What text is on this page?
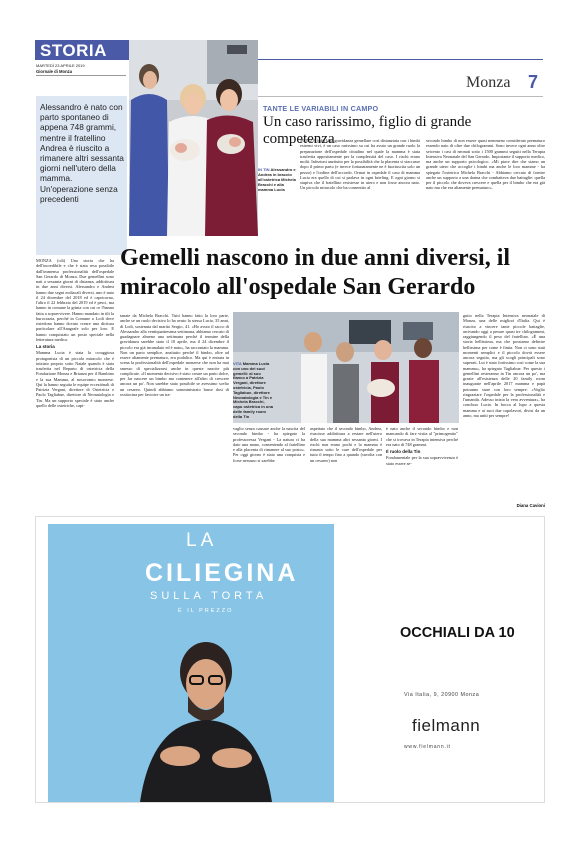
STORIA
MARTEDÌ 23 APRILE 2019
Giornale di Monza
Monza 7
Alessandro è nato con parto spontaneo di appena 748 grammi, mentre il fratellino Andrea è riuscito a rimanere altri sessanta giorni nell'utero della mamma. Un'operazione senza precedenti
IN TIN Alessandro e Andrea in braccio all'ostetrica Michela Bracchi e alla mamma Lucia
TANTE LE VARIABILI IN CAMPO
Un caso rarissimo, figlio di grande competenza
MONZA (cdi) Una gravidanza gemellare così distanziata con i bimbi estremi vivi, è un caso rarissimo su cui ha avuto un grande ruolo la preparazione dell'ospedale cittadino nel quale la mamma è stata trasferita appositamente per la complessità del caso. I rischi erano molti. Infezioni anzitutto per la possibilità che la placenta si staccasse dopo il primo parto (e invece fortunatamente ne è fuoriuscita solo un pezzo) e l'ordine dell'accordo. Ormai in ospedale il caso di mamma Lucia era quello di cui si parlava in ogni briefing. E ogni giorno si stupiva che il fratellino resistesse in utero e non fosse ancora nato. Un piccolo miracolo che ha consentito al
secondo bimbo di non essere quasi nemmeno considerato prematuro essendo nato di oltre due chilogrammi. Sono invece ogni anno oltre seicento i casi di neonati sotto i 1500 grammi seguiti nella Terapia Intensiva Neonatale del San Gerardo. Importante il supporto medico, ma anche un supporto psicologico. «Mi piace dire che siamo un grande utero che accoglie i bimbi ma anche le loro mamme - ha spiegato l'ostetrica Michela Bracchi - Abbiamo cercato di fornire anche un supporto a una donna che combatteva due battaglie: quella per il piccolo che doveva crescere e quella per il bimbo che era già nato ma che era altamente prematuro».
Gemelli nascono in due anni diversi, il miracolo all'ospedale San Gerardo

MONZA (cdi) Una storia che ha dell'incredibile e che è stata resa possibile dall'immensa professionalità dell'ospedale San Gerardo di Monza. Due gemellini sono nati a sessanta giorni di distanza, addirittura in due anni diversi. Alessandro e Andrea hanno due segni zodiacali diversi, uno è nato il 24 dicembre del 2018 ed è capricorno, l'altro il 22 febbraio del 2019 ed è pesci, ma hanno in comune la grinta con cui ce l'hanno fatta a sopravvivere. Hanno mandato in tilt la burocrazia, perché in Comune a Lodi dove risiedono hanno dovuto creare una dicitura particolare all'Anagrafe solo per loro. E hanno conquistato un posto speciale nella letteratura medica.

La storia

Mamma Lucia è stata la coraggiosa protagonista di un piccolo miracolo che è iniziato proprio sotto Natale quando è stata trasferita nel Reparto di ostetricia della Fondazione Monza e Brianza per il Bambino e la sua Mamma, al nosocomio monzese. Qui la hanno seguita le equipe ecceziónali di Patrizia Vergani, direttore di Ostetricia e Paolo Tagliabue, direttore di Neonatologia e Tin. Ma un supporto speciale è stato anche quello delle ostetriche, capi-

tanate da Michela Bracchi. Tutti hanno fatto la loro parte, anche se un ruolo decisivo lo ha avuto la stessa Lucia, 35 anni, di Lodi, sostenuta dal marito Sergio, 41. «Ho avuto il sacco di Alessandro alla ventiquattresima settimana, abbiamo cercato di guadagnare almeno una settimana perché il termine della gravidanza sarebbe stato il 10 aprile, ma il 24 dicembre il piccolo era già incanalato ed è nato», ha raccontato la mamma. Non un parto semplice, anzitutto perché il bimbo, oltre ad essere altamente prematuro, era podalico. Ma qui è entrata in scena la professionalità dell'ospedale monzese che non ha mai smesso di specializzarsi anche in queste nascite più complicate. «Il momento decisivo è stato creare un parto dolce, per far nascere un bimbo ma contenere all'altro di crescere ancora un po'. Non sarebbe stato possibile se avessimo scelto un cesareo. Quindi abbiamo somministrato basse dosi di ossitocina per favorire un tra-
VITA Mamma Lucia con uno dei suoi gemelli: al suo fianco a Patrizia Vergani, direttore ostetricia, Paolo Tagliabue, direttore Neonatologia e Tin e Michela Bracchi, capo ostetrica in una delle family room della Tin
vaglio senza causare anche la nascita del secondo bimbo - ha spiegato la professoressa Vergani - La natura ci ha dato una mano, consentendo al fratellino e alla placenta di rimanere al suo posto». Per oggi giorno è stato una conquista e forse nessuno si sarebbe
aspettato che il secondo bimbo, Andrea, riuscisse addirittura a restare nell'utero della sua mamma altri sessanta giorni. I rischi non erano pochi e la mamma è rimasta sotto le cure dell'ospedale per tutto il tempo fino a quando (suvolta con un cesareo) non

è nato anche il secondo bimbo e non mancando di fare visita al "primogenito" che si trovava in Terapia intensiva perché era nato di 748 grammi.

Il ruolo della Tin

Fondamentale per la sua sopravvivenza è stato essere se-

guito nella Terapia Intensiva neonatale di Monza, una delle migliori d'Italia. Qui è riuscito a vincere tante piccole battaglie, arrivando oggi a pesare quasi tre chilogrammi, raggiungendo il peso del fratellino. «È una storia bellissima, ma che possiamo definire bellissima per come è finita. Non ci sono stati momenti semplici e il piccolo dovrà essere ancora seguito, ma gli scogli principali sono superati. Lui è stato fortissimo così come la sua mamma», ha spiegato Tagliabue. Per questo i gemellini resteranno in Tin ancora un po', ma grazie all'esistenza delle 20 family room inaugurate nell'aprile 2017 mamma e papà potranno stare con loro sempre. «Voglio ringraziare l'ospedale per la professionalità e l'umanità. Adesso inizia la vera avventura», ha concluso Lucia. In bocca al lupo a questa mamma e ai suoi due capolavori, divisi da un anno, ma uniti per sempre!
Diana Cavioni
LA
CILIEGINA
SULLA TORTA
È IL PREZZO
OCCHIALI DA 10
Via Italia, 9, 20900 Monza
fielmann
www.fielmann.it
